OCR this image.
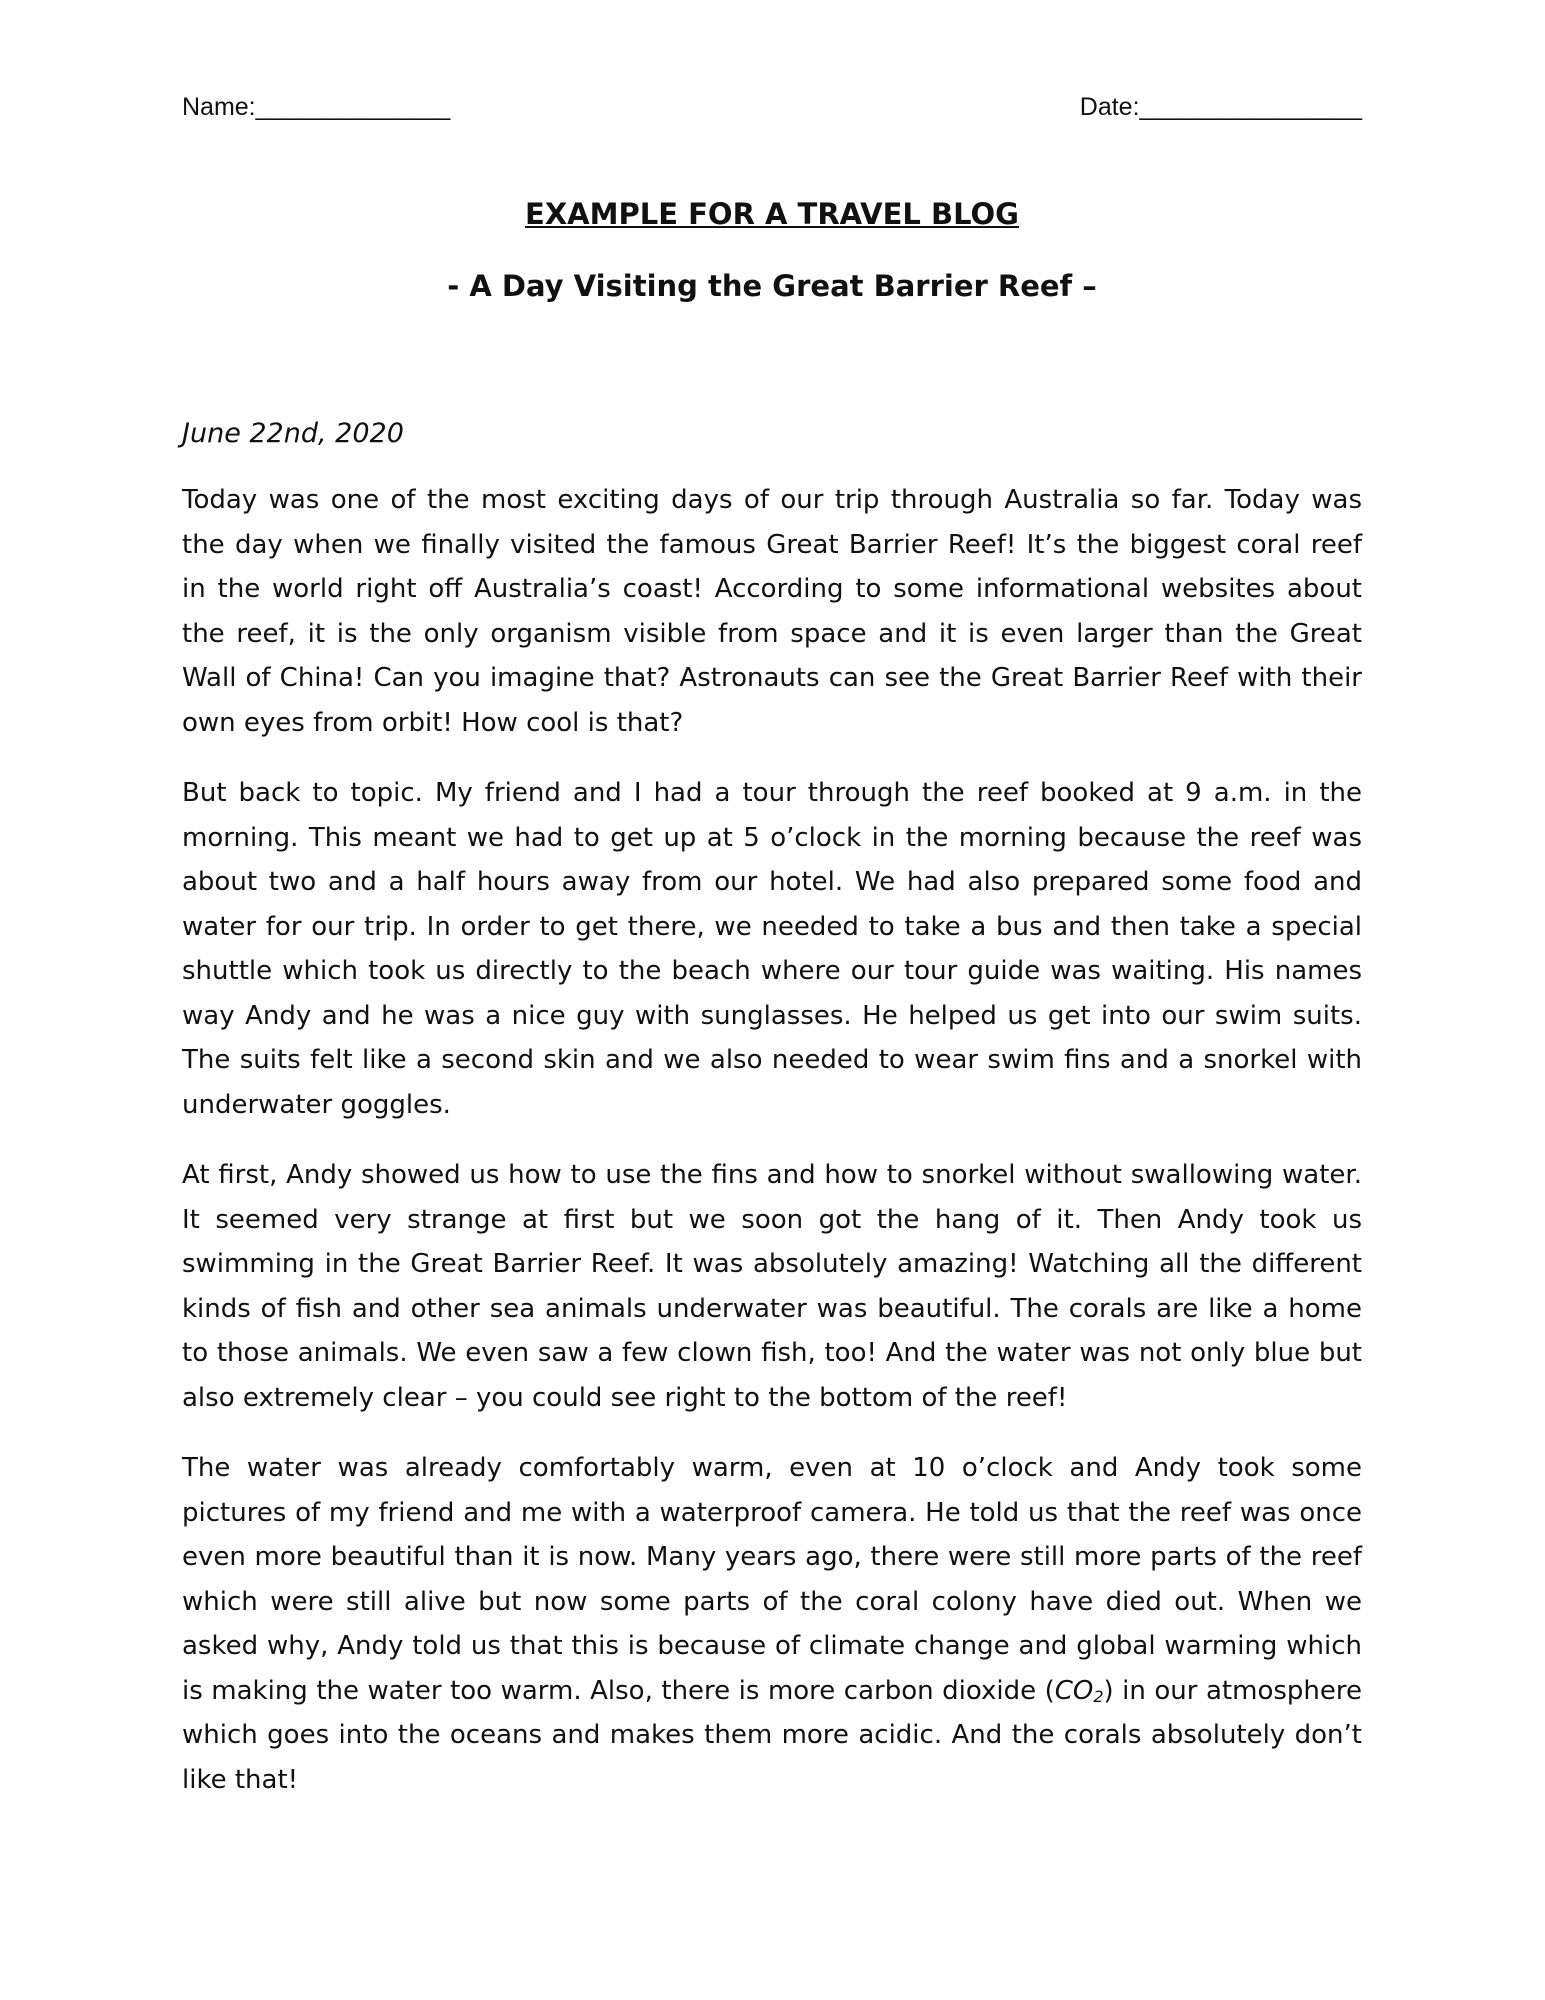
Name:______________	Date:________________
EXAMPLE FOR A TRAVEL BLOG
- A Day Visiting the Great Barrier Reef –
June 22nd, 2020

Today was one of the most exciting days of our trip through Australia so far. Today was the day when we finally visited the famous Great Barrier Reef! It’s the biggest coral reef in the world right off Australia’s coast! According to some informational websites about the reef, it is the only organism visible from space and it is even larger than the Great Wall of China! Can you imagine that? Astronauts can see the Great Barrier Reef with their own eyes from orbit! How cool is that?

But back to topic. My friend and I had a tour through the reef booked at 9 a.m. in the morning. This meant we had to get up at 5 o’clock in the morning because the reef was about two and a half hours away from our hotel. We had also prepared some food and water for our trip. In order to get there, we needed to take a bus and then take a special shuttle which took us directly to the beach where our tour guide was waiting. His names way Andy and he was a nice guy with sunglasses. He helped us get into our swim suits. The suits felt like a second skin and we also needed to wear swim fins and a snorkel with underwater goggles.

At first, Andy showed us how to use the fins and how to snorkel without swallowing water. It seemed very strange at first but we soon got the hang of it. Then Andy took us swimming in the Great Barrier Reef. It was absolutely amazing! Watching all the different kinds of fish and other sea animals underwater was beautiful. The corals are like a home to those animals. We even saw a few clown fish, too! And the water was not only blue but also extremely clear – you could see right to the bottom of the reef!

The water was already comfortably warm, even at 10 o’clock and Andy took some pictures of my friend and me with a waterproof camera. He told us that the reef was once even more beautiful than it is now. Many years ago, there were still more parts of the reef which were still alive but now some parts of the coral colony have died out. When we asked why, Andy told us that this is because of climate change and global warming which is making the water too warm. Also, there is more carbon dioxide $(CO_2)$ in our atmosphere which goes into the oceans and makes them more acidic. And the corals absolutely don’t like that!
